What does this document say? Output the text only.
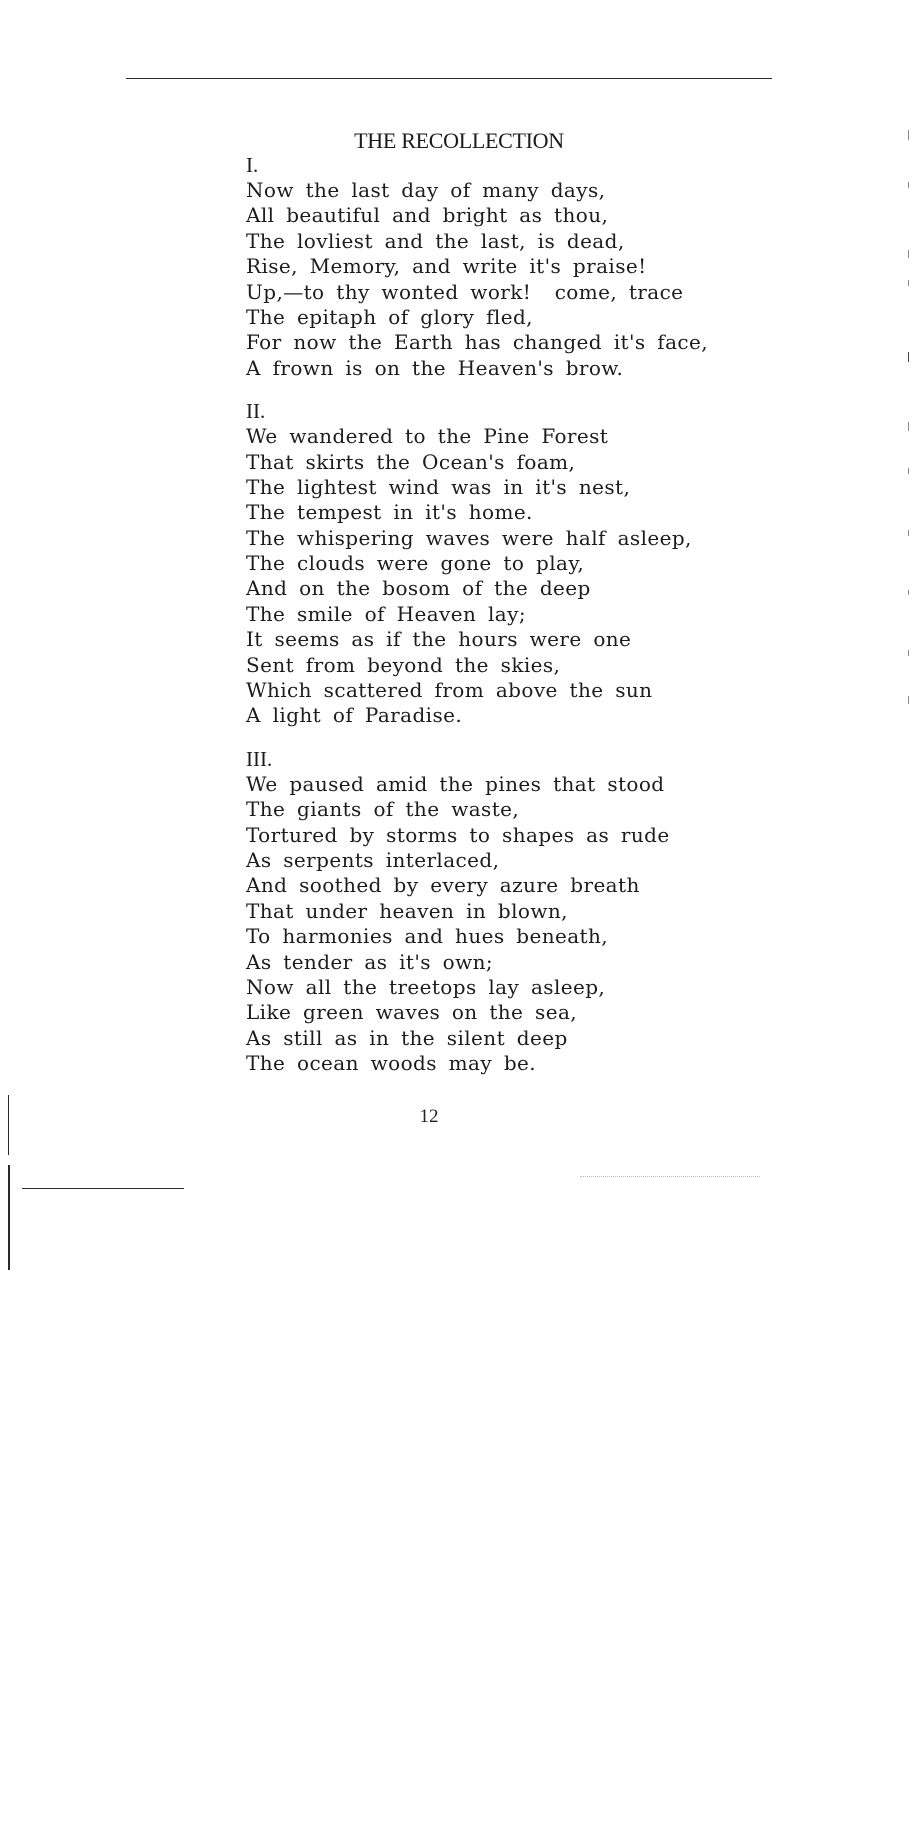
THE RECOLLECTION
I.
Now the last day of many days,
All beautiful and bright as thou,
The lovliest and the last, is dead,
Rise, Memory, and write it's praise!
Up,—to thy wonted work!  come, trace
The epitaph of glory fled,
For now the Earth has changed it's face,
A frown is on the Heaven's brow.
II.
We wandered to the Pine Forest
That skirts the Ocean's foam,
The lightest wind was in it's nest,
The tempest in it's home.
The whispering waves were half asleep,
The clouds were gone to play,
And on the bosom of the deep
The smile of Heaven lay;
It seems as if the hours were one
Sent from beyond the skies,
Which scattered from above the sun
A light of Paradise.
III.
We paused amid the pines that stood
The giants of the waste,
Tortured by storms to shapes as rude
As serpents interlaced,
And soothed by every azure breath
That under heaven in blown,
To harmonies and hues beneath,
As tender as it's own;
Now all the treetops lay asleep,
Like green waves on the sea,
As still as in the silent deep
The ocean woods may be.
12
